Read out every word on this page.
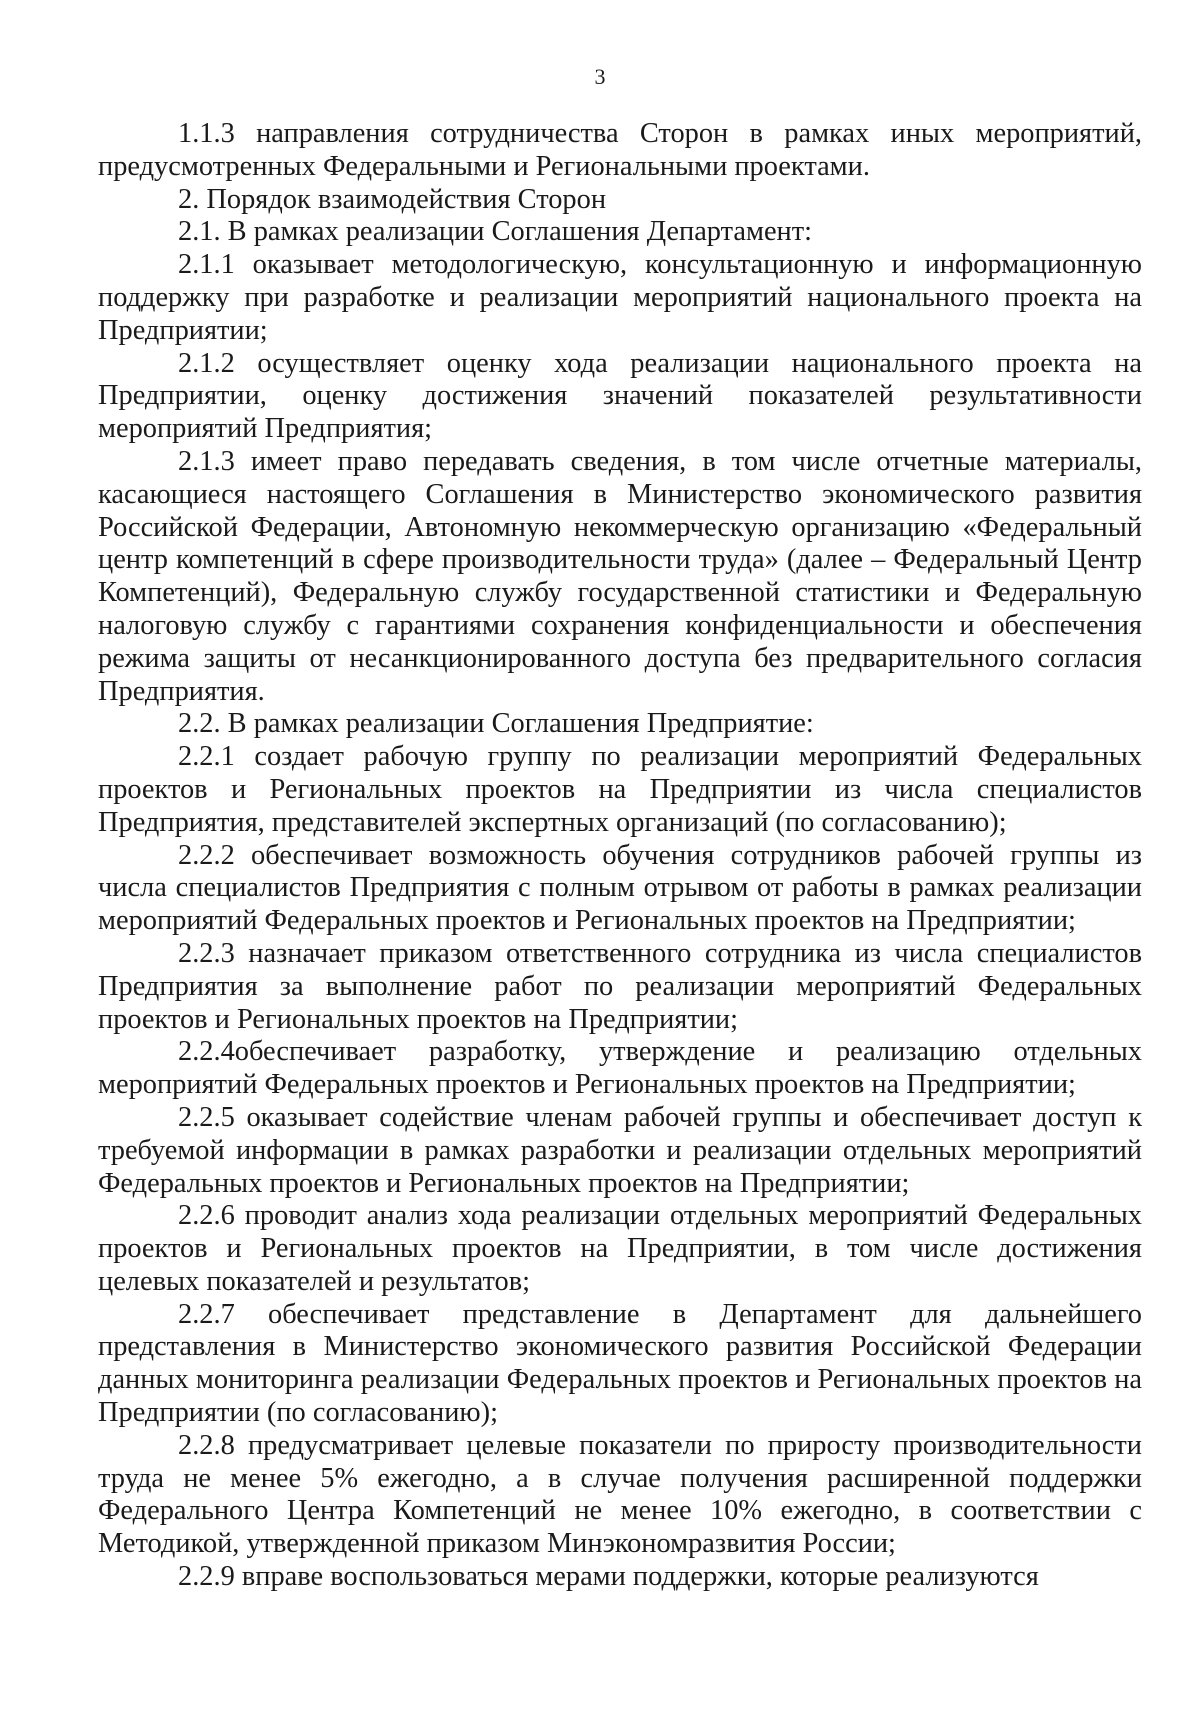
3

1.1.3 направления сотрудничества Сторон в рамках иных мероприятий, предусмотренных Федеральными и Региональными проектами.

2. Порядок взаимодействия Сторон

2.1. В рамках реализации Соглашения Департамент:

2.1.1 оказывает методологическую, консультационную и информационную поддержку при разработке и реализации мероприятий национального проекта на Предприятии;

2.1.2 осуществляет оценку хода реализации национального проекта на Предприятии, оценку достижения значений показателей результативности мероприятий Предприятия;

2.1.3 имеет право передавать сведения, в том числе отчетные материалы, касающиеся настоящего Соглашения в Министерство экономического развития Российской Федерации, Автономную некоммерческую организацию «Федеральный центр компетенций в сфере производительности труда» (далее – Федеральный Центр Компетенций), Федеральную службу государственной статистики и Федеральную налоговую службу с гарантиями сохранения конфиденциальности и обеспечения режима защиты от несанкционированного доступа без предварительного согласия Предприятия.

2.2. В рамках реализации Соглашения Предприятие:

2.2.1 создает рабочую группу по реализации мероприятий Федеральных проектов и Региональных проектов на Предприятии из числа специалистов Предприятия, представителей экспертных организаций (по согласованию);

2.2.2 обеспечивает возможность обучения сотрудников рабочей группы из числа специалистов Предприятия с полным отрывом от работы в рамках реализации мероприятий Федеральных проектов и Региональных проектов на Предприятии;

2.2.3 назначает приказом ответственного сотрудника из числа специалистов Предприятия за выполнение работ по реализации мероприятий Федеральных проектов и Региональных проектов на Предприятии;

2.2.4обеспечивает разработку, утверждение и реализацию отдельных мероприятий Федеральных проектов и Региональных проектов на Предприятии;

2.2.5 оказывает содействие членам рабочей группы и обеспечивает доступ к требуемой информации в рамках разработки и реализации отдельных мероприятий Федеральных проектов и Региональных проектов на Предприятии;

2.2.6 проводит анализ хода реализации отдельных мероприятий Федеральных проектов и Региональных проектов на Предприятии, в том числе достижения целевых показателей и результатов;

2.2.7 обеспечивает представление в Департамент для дальнейшего представления в Министерство экономического развития Российской Федерации данных мониторинга реализации Федеральных проектов и Региональных проектов на Предприятии (по согласованию);

2.2.8 предусматривает целевые показатели по приросту производительности труда не менее 5% ежегодно, а в случае получения расширенной поддержки Федерального Центра Компетенций не менее 10% ежегодно, в соответствии с Методикой, утвержденной приказом Минэкономразвития России;

2.2.9 вправе воспользоваться мерами поддержки, которые реализуются
